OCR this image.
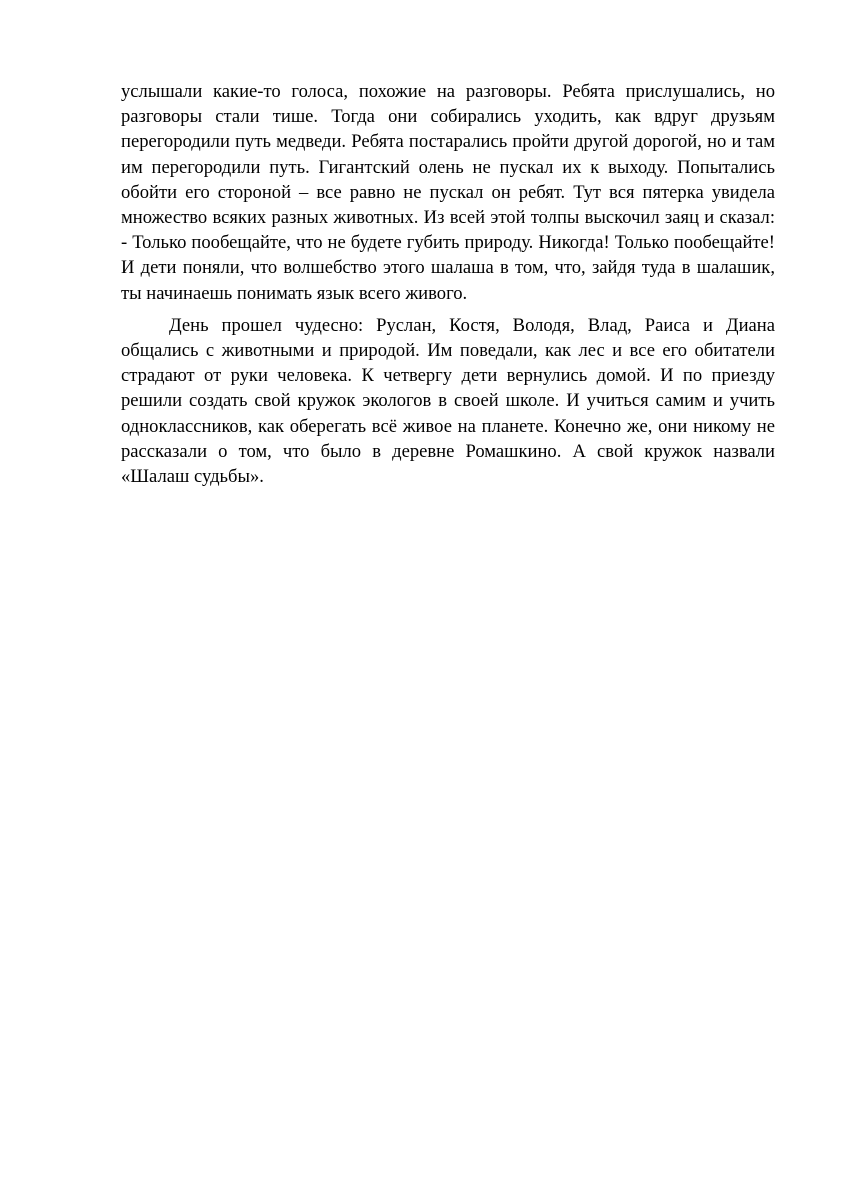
услышали какие-то голоса, похожие на разговоры. Ребята прислушались, но разговоры стали тише. Тогда они собирались уходить, как вдруг друзьям перегородили путь медведи. Ребята постарались пройти другой дорогой, но и там им перегородили путь. Гигантский олень не пускал их к выходу. Попытались обойти его стороной – все равно не пускал он ребят. Тут вся пятерка увидела множество всяких разных животных. Из всей этой толпы выскочил заяц и сказал: - Только пообещайте, что не будете губить природу. Никогда! Только пообещайте! И дети поняли, что волшебство этого шалаша в том, что, зайдя туда в шалашик, ты начинаешь понимать язык всего живого.

День прошел чудесно: Руслан, Костя, Володя, Влад, Раиса и Диана общались с животными и природой. Им поведали, как лес и все его обитатели страдают от руки человека. К четвергу дети вернулись домой. И по приезду решили создать свой кружок экологов в своей школе. И учиться самим и учить одноклассников, как оберегать всё живое на планете. Конечно же, они никому не рассказали о том, что было в деревне Ромашкино. А свой кружок назвали «Шалаш судьбы».
